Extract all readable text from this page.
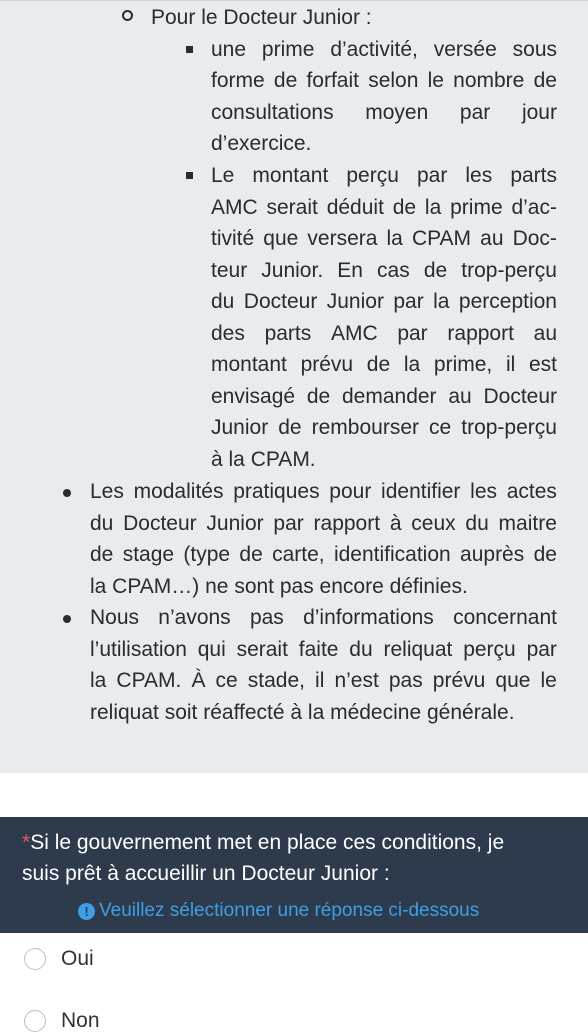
Pour le Docteur Junior :
une prime d’activité, versée sous
forme de forfait selon le nombre de
consultations moyen par jour
d’exercice.
Le montant perçu par les parts
AMC serait déduit de la prime d’ac-
tivité que versera la CPAM au Doc-
teur Junior. En cas de trop-perçu
du Docteur Junior par la perception
des parts AMC par rapport au
montant prévu de la prime, il est
envisagé de demander au Docteur
Junior de rembourser ce trop-perçu
à la CPAM.
Les modalités pratiques pour identifier les actes
du Docteur Junior par rapport à ceux du maitre
de stage (type de carte, identification auprès de
la CPAM…) ne sont pas encore définies.
Nous n’avons pas d’informations concernant
l’utilisation qui serait faite du reliquat perçu par
la CPAM. À ce stade, il n’est pas prévu que le
reliquat soit réaffecté à la médecine générale.
*Si le gouvernement met en place ces conditions, je
suis prêt à accueillir un Docteur Junior :
! Veuillez sélectionner une réponse ci-dessous
Oui
Non
